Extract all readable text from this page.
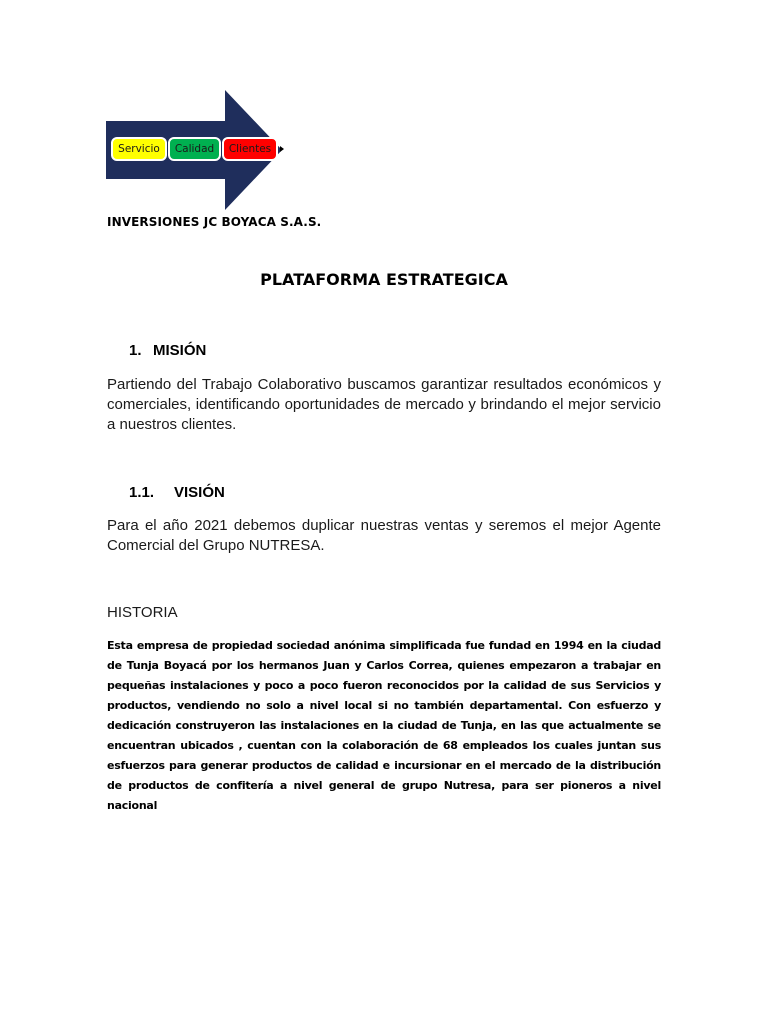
Servicio	Calidad	Clientes
INVERSIONES JC BOYACA S.A.S.
PLATAFORMA ESTRATEGICA
1. MISIÓN
Partiendo del Trabajo Colaborativo buscamos garantizar resultados económicos y comerciales, identificando oportunidades de mercado y brindando el mejor servicio a nuestros clientes.
1.1. VISIÓN
Para el año 2021 debemos duplicar nuestras ventas y seremos el mejor Agente Comercial del Grupo NUTRESA.
HISTORIA
Esta empresa de propiedad sociedad anónima simplificada fue fundad en 1994 en la ciudad de Tunja Boyacá por los hermanos Juan y Carlos Correa, quienes empezaron a trabajar en pequeñas instalaciones y poco a poco fueron reconocidos por la calidad de sus Servicios y productos, vendiendo no solo a nivel local si no también departamental. Con esfuerzo y dedicación construyeron las instalaciones en la ciudad de Tunja, en las que actualmente se encuentran ubicados , cuentan con la colaboración de 68 empleados los cuales juntan sus esfuerzos para generar productos de calidad e incursionar en el mercado de la distribución de productos de confitería a nivel general de grupo Nutresa, para ser pioneros a nivel nacional
